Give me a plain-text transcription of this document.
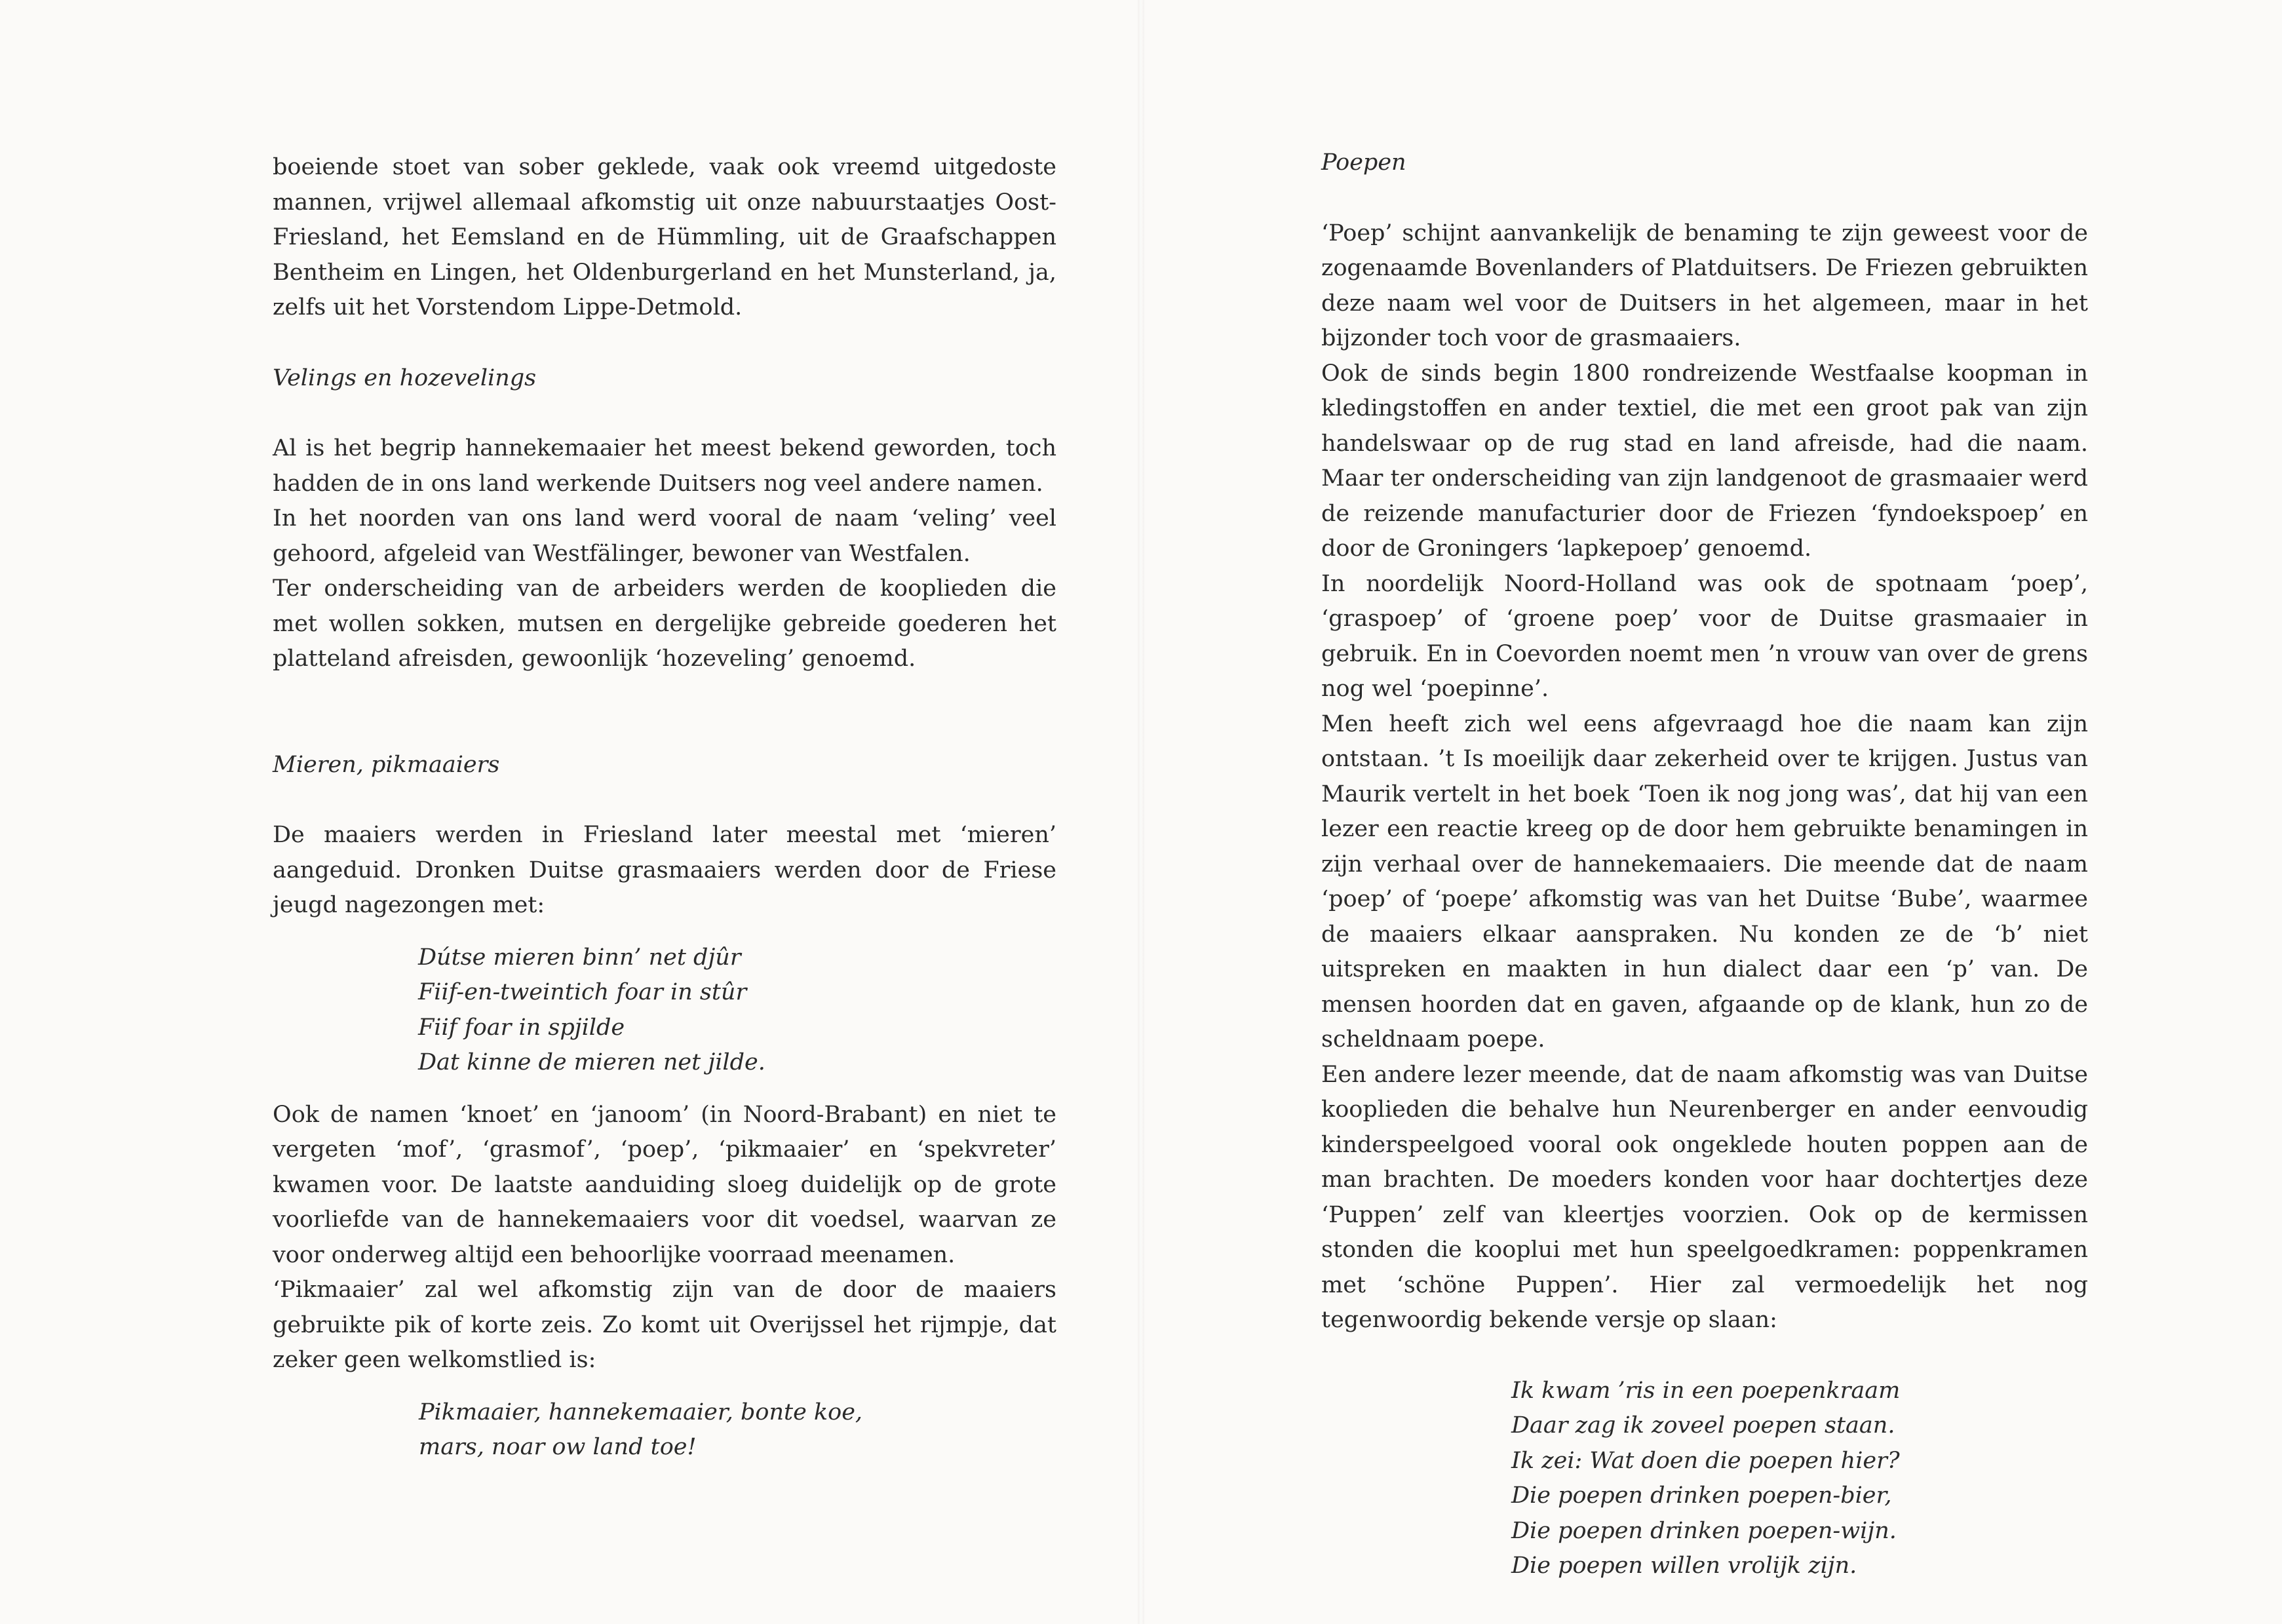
boeiende stoet van sober geklede, vaak ook vreemd uitgedoste mannen, vrijwel allemaal afkomstig uit onze nabuurstaatjes Oost-Friesland, het Eemsland en de Hümmling, uit de Graafschappen Bentheim en Lingen, het Oldenburgerland en het Munsterland, ja, zelfs uit het Vorstendom Lippe-Detmold.

Velings en hozevelings

Al is het begrip hannekemaaier het meest bekend geworden, toch hadden de in ons land werkende Duitsers nog veel andere namen.

In het noorden van ons land werd vooral de naam ‘veling’ veel gehoord, afgeleid van Westfälinger, bewoner van Westfalen.

Ter onderscheiding van de arbeiders werden de kooplieden die met wollen sokken, mutsen en dergelijke gebreide goederen het platteland afreisden, gewoonlijk ‘hozeveling’ genoemd.

Mieren, pikmaaiers

De maaiers werden in Friesland later meestal met ‘mieren’ aangeduid. Dronken Duitse grasmaaiers werden door de Friese jeugd nagezongen met:

Dútse mieren binn’ net djûr
Fiif-en-tweintich foar in stûr
Fiif foar in spjilde
Dat kinne de mieren net jilde.

Ook de namen ‘knoet’ en ‘janoom’ (in Noord-Brabant) en niet te vergeten ‘mof’, ‘grasmof’, ‘poep’, ‘pikmaaier’ en ‘spekvreter’ kwamen voor. De laatste aanduiding sloeg duidelijk op de grote voorliefde van de hannekemaaiers voor dit voedsel, waarvan ze voor onderweg altijd een behoorlijke voorraad meenamen.

‘Pikmaaier’ zal wel afkomstig zijn van de door de maaiers gebruikte pik of korte zeis. Zo komt uit Overijssel het rijmpje, dat zeker geen welkomstlied is:

Pikmaaier, hannekemaaier, bonte koe,
mars, noar ow land toe!
Poepen

‘Poep’ schijnt aanvankelijk de benaming te zijn geweest voor de zogenaamde Bovenlanders of Platduitsers. De Friezen gebruikten deze naam wel voor de Duitsers in het algemeen, maar in het bijzonder toch voor de grasmaaiers.

Ook de sinds begin 1800 rondreizende Westfaalse koopman in kledingstoffen en ander textiel, die met een groot pak van zijn handelswaar op de rug stad en land afreisde, had die naam. Maar ter onderscheiding van zijn landgenoot de grasmaaier werd de reizende manufacturier door de Friezen ‘fyndoekspoep’ en door de Groningers ‘lapkepoep’ genoemd.

In noordelijk Noord-Holland was ook de spotnaam ‘poep’, ‘graspoep’ of ‘groene poep’ voor de Duitse grasmaaier in gebruik. En in Coevorden noemt men ’n vrouw van over de grens nog wel ‘poepinne’.

Men heeft zich wel eens afgevraagd hoe die naam kan zijn ontstaan. ’t Is moeilijk daar zekerheid over te krijgen. Justus van Maurik vertelt in het boek ‘Toen ik nog jong was’, dat hij van een lezer een reactie kreeg op de door hem gebruikte benamingen in zijn verhaal over de hannekemaaiers. Die meende dat de naam ‘poep’ of ‘poepe’ afkomstig was van het Duitse ‘Bube’, waarmee de maaiers elkaar aanspraken. Nu konden ze de ‘b’ niet uitspreken en maakten in hun dialect daar een ‘p’ van. De mensen hoorden dat en gaven, afgaande op de klank, hun zo de scheldnaam poepe.

Een andere lezer meende, dat de naam afkomstig was van Duitse kooplieden die behalve hun Neurenberger en ander eenvoudig kinderspeelgoed vooral ook ongeklede houten poppen aan de man brachten. De moeders konden voor haar dochtertjes deze ‘Puppen’ zelf van kleertjes voorzien. Ook op de kermissen stonden die kooplui met hun speelgoedkramen: poppenkramen met ‘schöne Puppen’. Hier zal vermoedelijk het nog tegenwoordig bekende versje op slaan:

Ik kwam ’ris in een poepenkraam
Daar zag ik zoveel poepen staan.
Ik zei: Wat doen die poepen hier?
Die poepen drinken poepen-bier,
Die poepen drinken poepen-wijn.
Die poepen willen vrolijk zijn.
